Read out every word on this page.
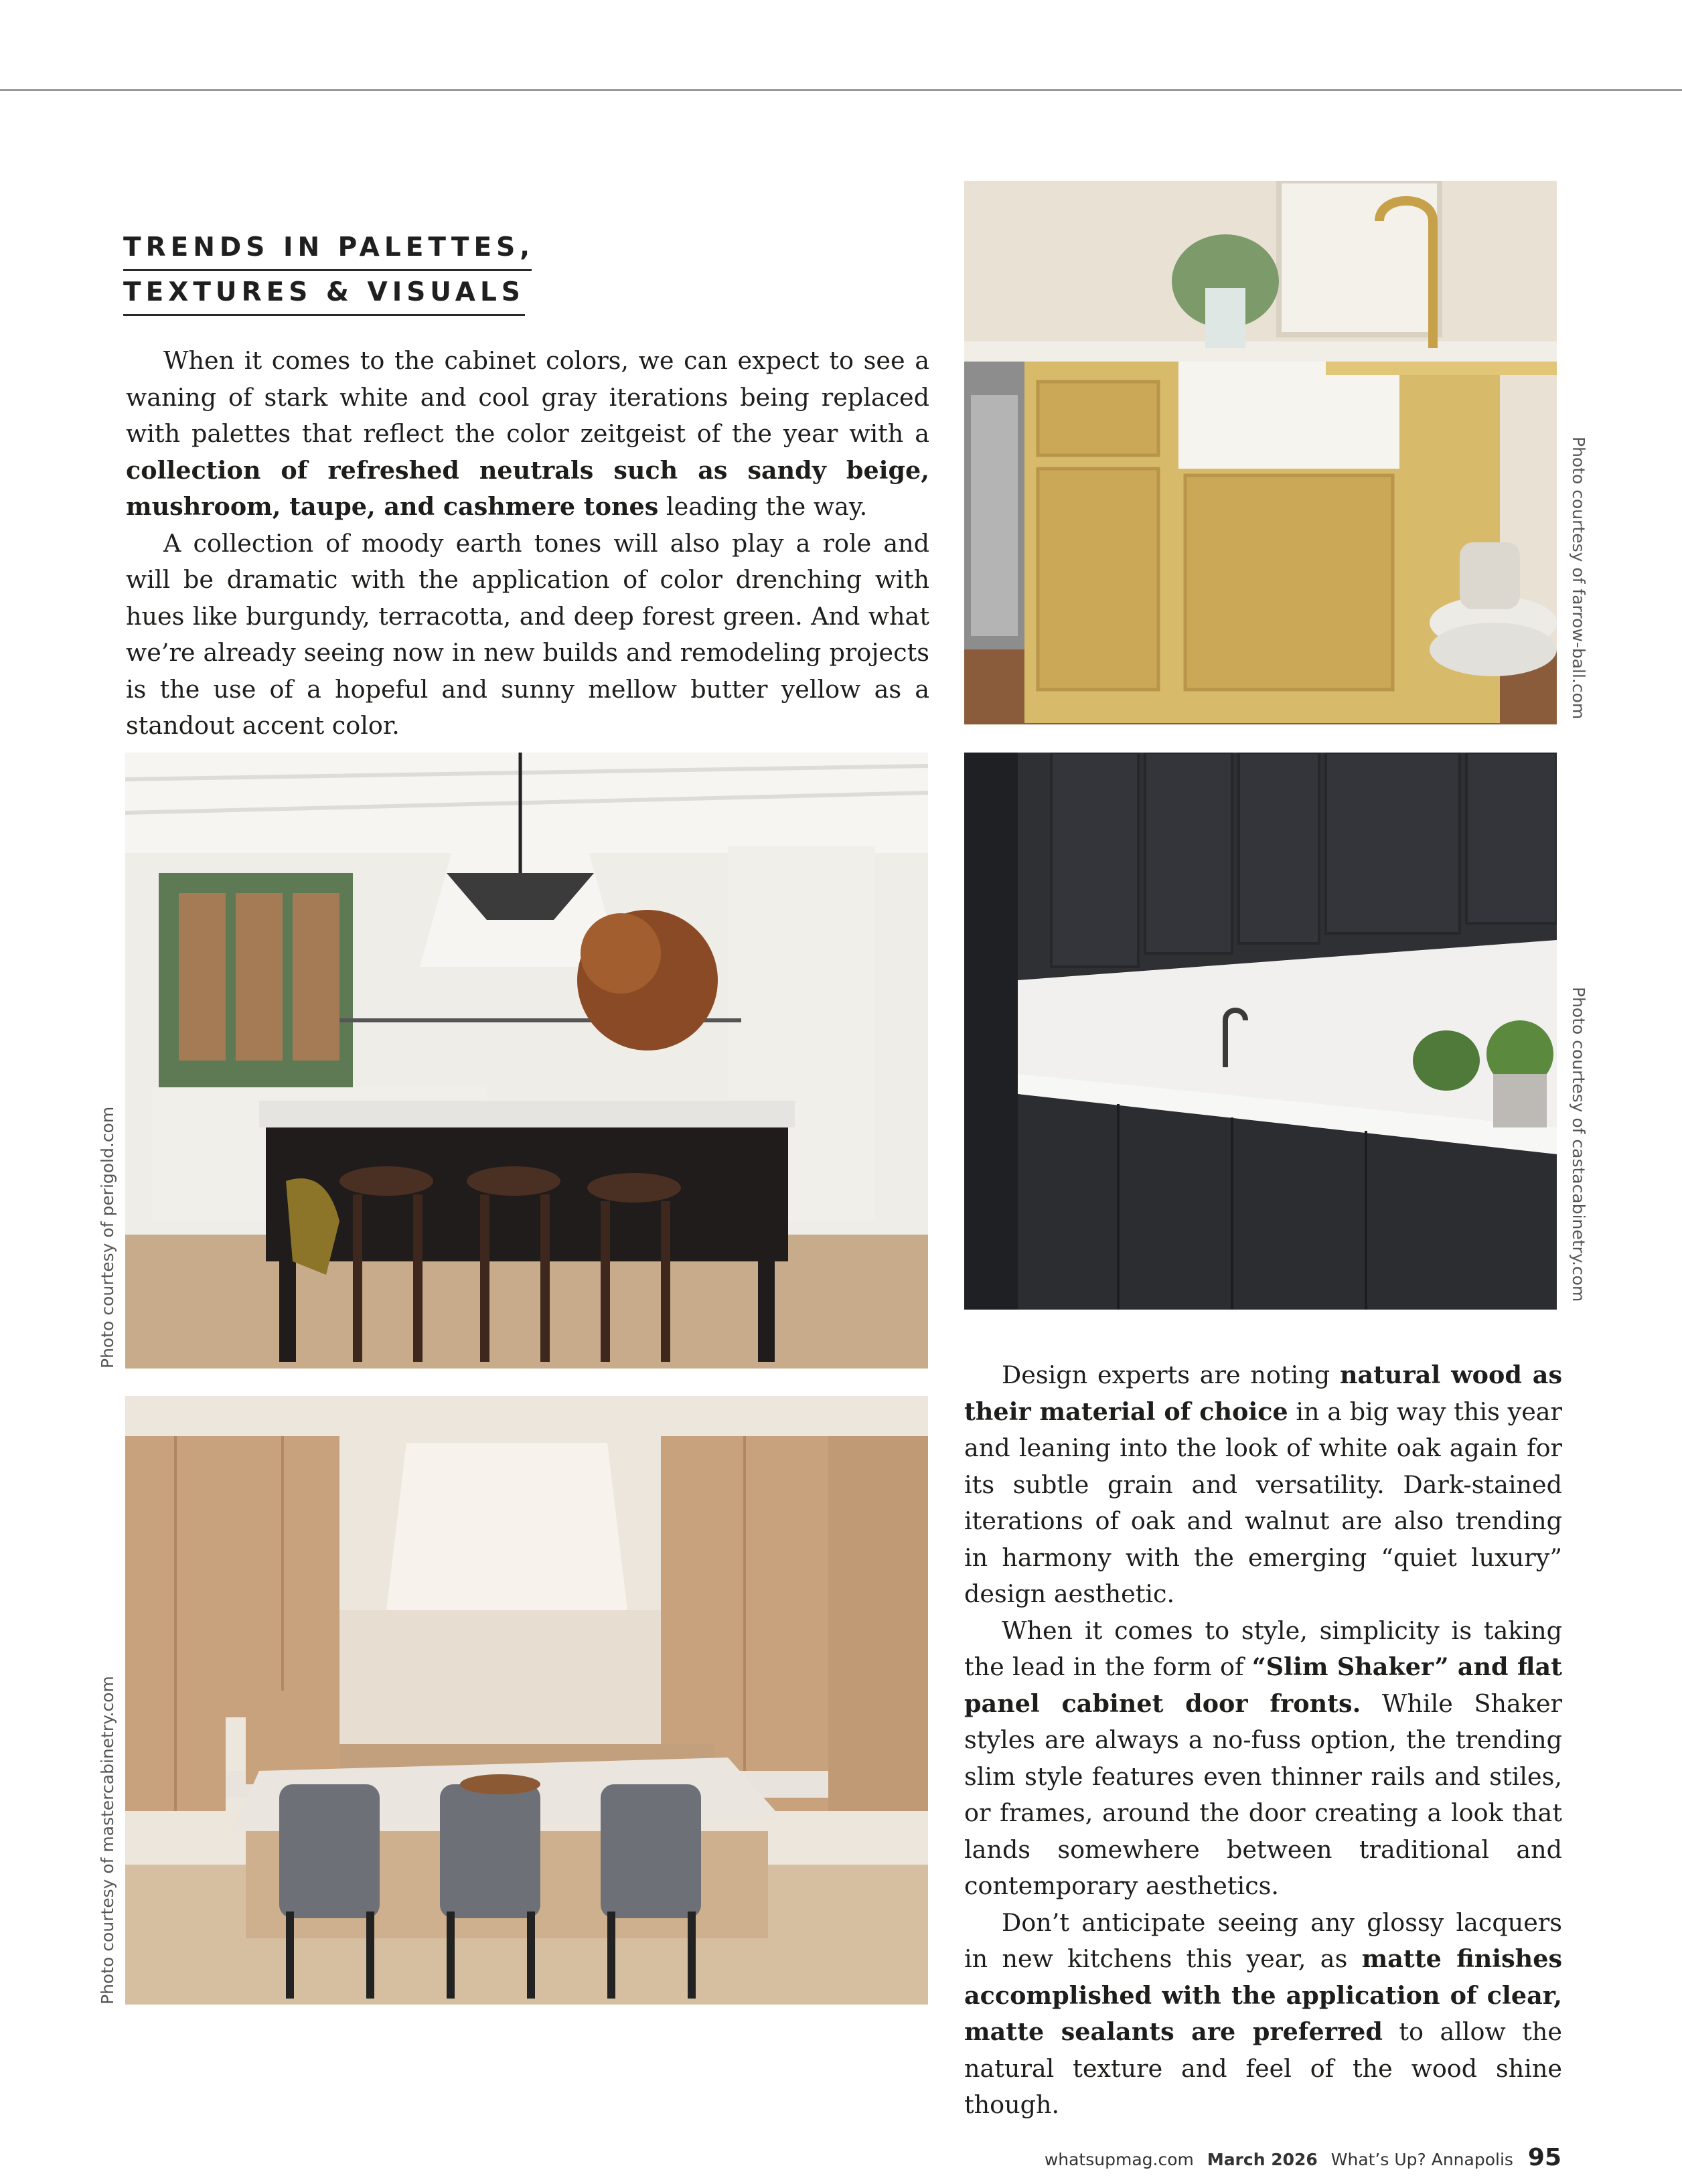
TRENDS IN PALETTES,
TEXTURES & VISUALS

When it comes to the cabinet colors, we can expect to see a waning of stark white and cool gray iterations being replaced with palettes that reflect the color zeitgeist of the year with a collection of refreshed neutrals such as sandy beige, mushroom, taupe, and cashmere tones leading the way.

A collection of moody earth tones will also play a role and will be dramatic with the application of color drenching with hues like burgundy, terracotta, and deep forest green. And what we’re already seeing now in new builds and remodeling projects is the use of a hopeful and sunny mellow butter yellow as a standout accent color.

Design experts are noting natural wood as their material of choice in a big way this year and leaning into the look of white oak again for its subtle grain and versatility. Dark-stained iterations of oak and walnut are also trending in harmony with the emerging “quiet luxury” design aesthetic.

When it comes to style, simplicity is taking the lead in the form of “Slim Shaker” and flat panel cabinet door fronts. While Shaker styles are always a no-fuss option, the trending slim style features even thinner rails and stiles, or frames, around the door creating a look that lands somewhere between traditional and contemporary aesthetics.

Don’t anticipate seeing any glossy lacquers in new kitchens this year, as matte finishes accomplished with the application of clear, matte sealants are preferred to allow the natural texture and feel of the wood shine though.

Photo courtesy of farrow-ball.com
Photo courtesy of castacabinetry.com
Photo courtesy of perigold.com
Photo courtesy of mastercabinetry.com
whatsupmag.com March 2026 What’s Up? Annapolis 95
